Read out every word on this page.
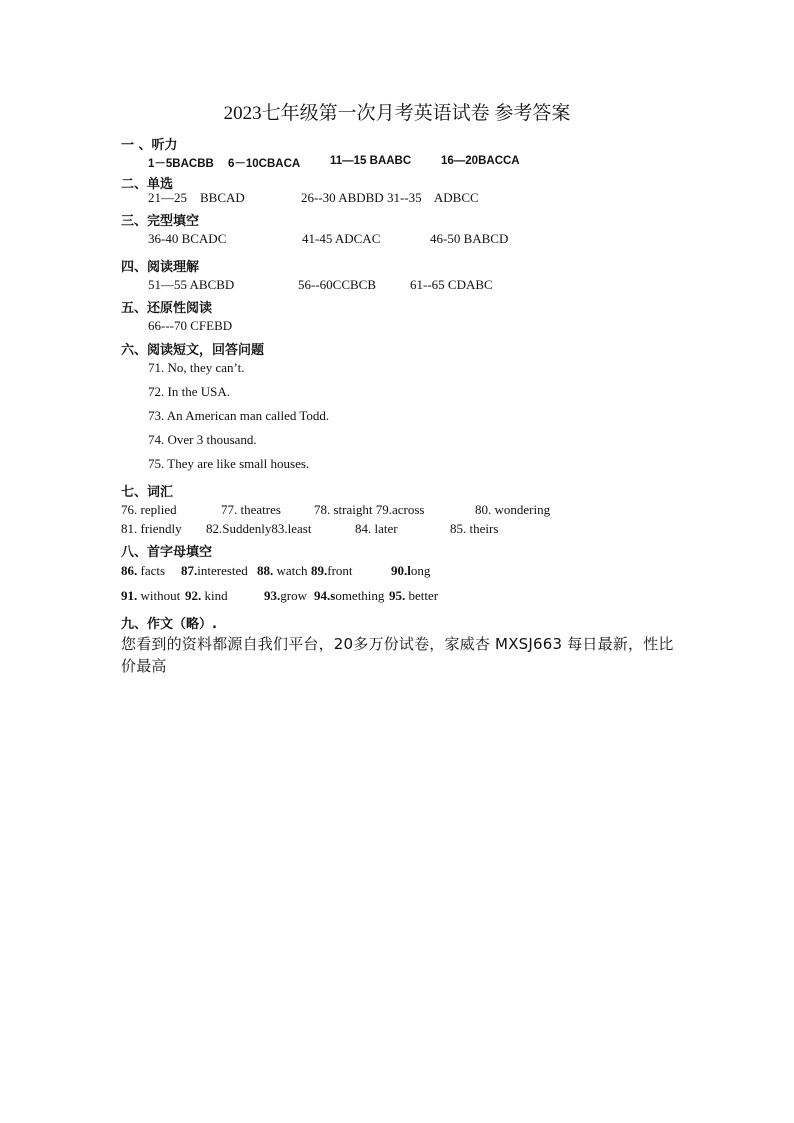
2023七年级第一次月考英语试卷 参考答案
一 、听力
1－5BACBB 6－10CBACA	11—15 BAABC	16—20BACCA
二、单选
21—25    BBCAD	26--30 ABDBD 31--35    ADBCC
三、完型填空
36-40 BCADC	41-45 ADCAC	46-50 BABCD
四、阅读理解
51—55 ABCBD	56--60CCBCB	61--65 CDABC
五、还原性阅读
66---70 CFEBD
六、阅读短文，回答问题
71. No, they can’t.
72. In the USA.
73. An American man called Todd.
74. Over 3 thousand.
75. They are like small houses.
七、词汇
76. replied	77. theatres	78. straight 79.across	80. wondering
81. friendly 82.Suddenly83.least	84. later	85. theirs
八、首字母填空
86. facts 87.interested 88. watch 89.front	90.long
91. without 92. kind	93.grow 94.something 95. better
九、作文（略）.
您看到的资料都源自我们平台，20多万份试卷，家威杏 MXSJ663 每日最新，性比价最高
